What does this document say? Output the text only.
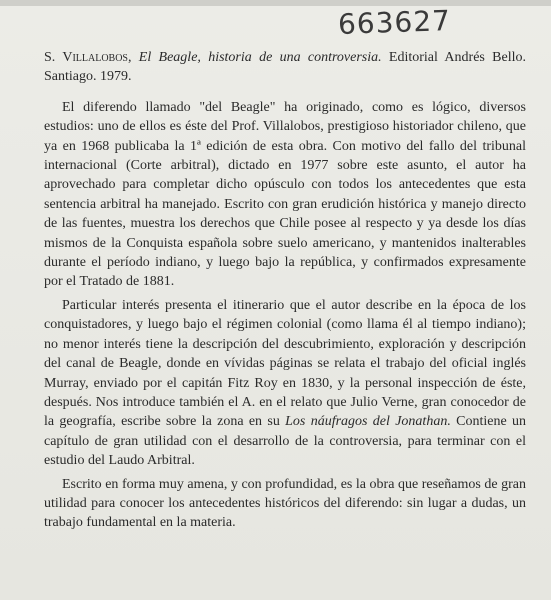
663627
S. Villalobos, El Beagle, historia de una controversia. Editorial Andrés Bello. Santiago. 1979.

El diferendo llamado "del Beagle" ha originado, como es lógico, diversos estudios: uno de ellos es éste del Prof. Villalobos, prestigioso historiador chileno, que ya en 1968 publicaba la 1ª edición de esta obra. Con motivo del fallo del tribunal internacional (Corte arbitral), dictado en 1977 sobre este asunto, el autor ha aprovechado para completar dicho opúsculo con todos los antecedentes que esta sentencia arbitral ha manejado. Escrito con gran erudición histórica y manejo directo de las fuentes, muestra los derechos que Chile posee al respecto y ya desde los días mismos de la Conquista española sobre suelo americano, y mantenidos inalterables durante el período indiano, y luego bajo la república, y confirmados expresamente por el Tratado de 1881.

Particular interés presenta el itinerario que el autor describe en la época de los conquistadores, y luego bajo el régimen colonial (como llama él al tiempo indiano); no menor interés tiene la descripción del descubrimiento, exploración y descripción del canal de Beagle, donde en vívidas páginas se relata el trabajo del oficial inglés Murray, enviado por el capitán Fitz Roy en 1830, y la personal inspección de éste, después. Nos introduce también el A. en el relato que Julio Verne, gran conocedor de la geografía, escribe sobre la zona en su Los náufragos del Jonathan. Contiene un capítulo de gran utilidad con el desarrollo de la controversia, para terminar con el estudio del Laudo Arbitral.

Escrito en forma muy amena, y con profundidad, es la obra que reseñamos de gran utilidad para conocer los antecedentes históricos del diferendo: sin lugar a dudas, un trabajo fundamental en la materia.
